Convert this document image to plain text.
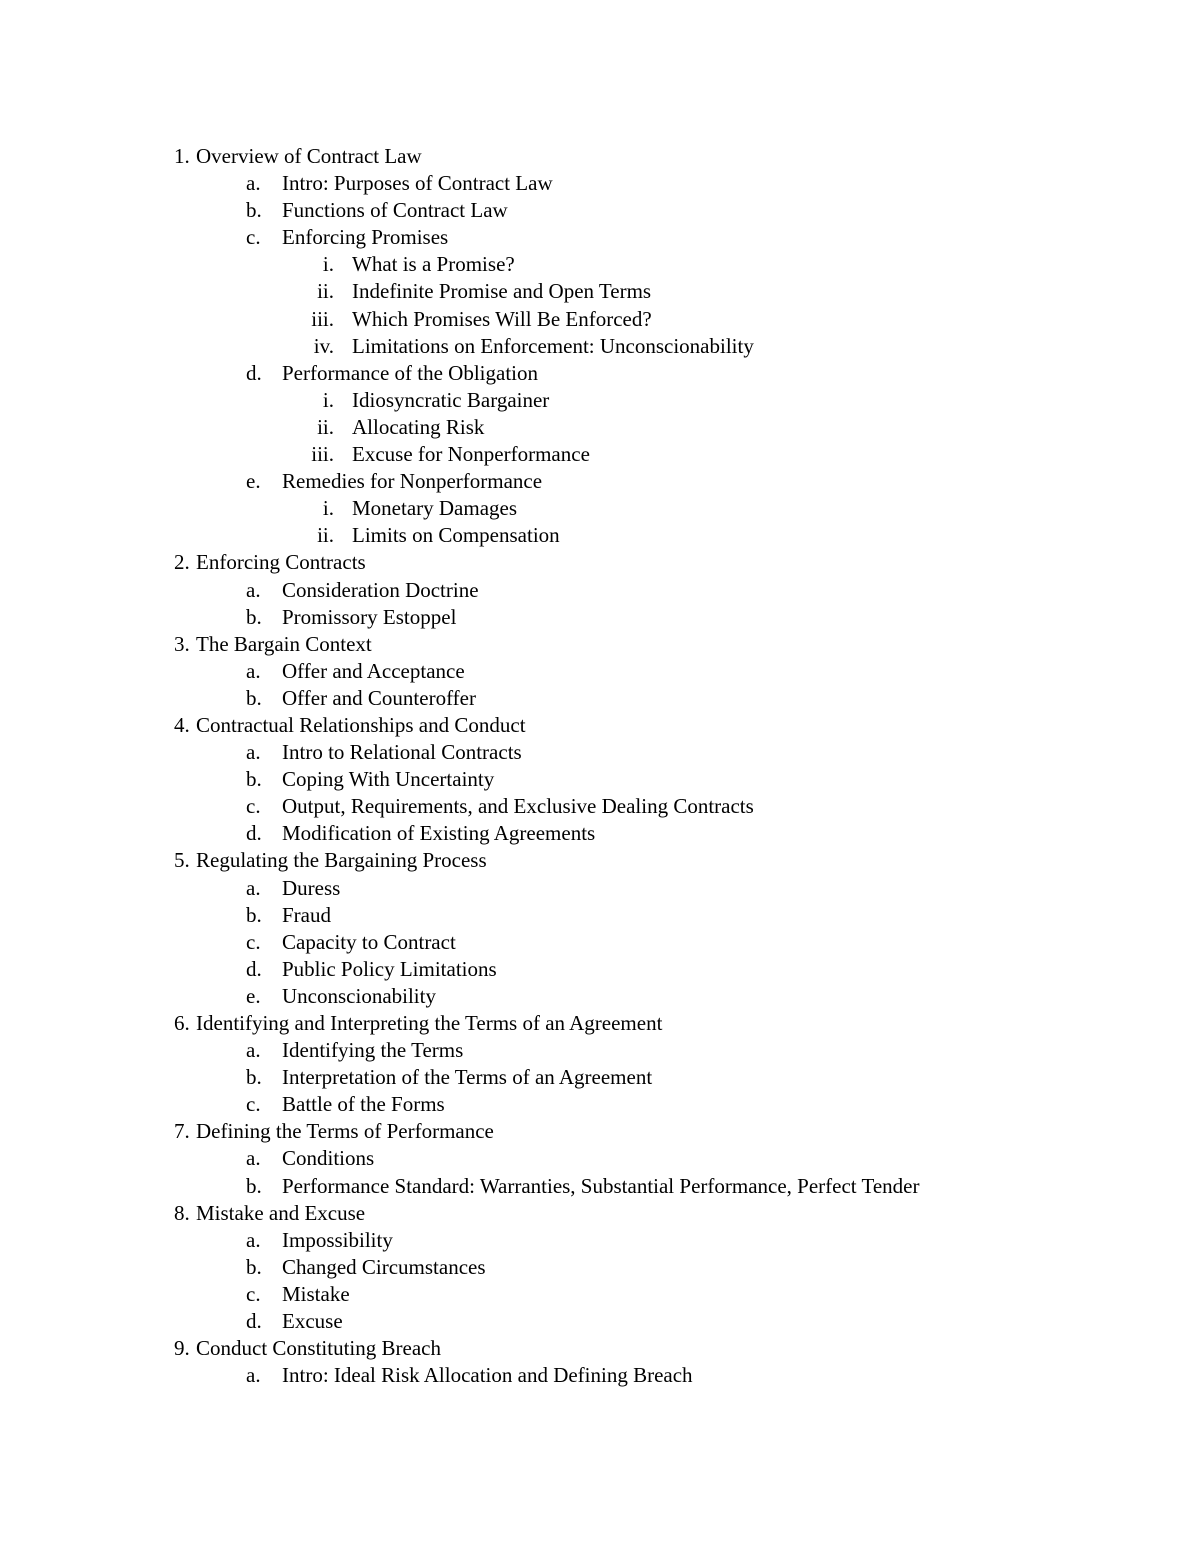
1. Overview of Contract Law
a. Intro: Purposes of Contract Law
b. Functions of Contract Law
c. Enforcing Promises
i. What is a Promise?
ii. Indefinite Promise and Open Terms
iii. Which Promises Will Be Enforced?
iv. Limitations on Enforcement: Unconscionability
d. Performance of the Obligation
i. Idiosyncratic Bargainer
ii. Allocating Risk
iii. Excuse for Nonperformance
e. Remedies for Nonperformance
i. Monetary Damages
ii. Limits on Compensation
2. Enforcing Contracts
a. Consideration Doctrine
b. Promissory Estoppel
3. The Bargain Context
a. Offer and Acceptance
b. Offer and Counteroffer
4. Contractual Relationships and Conduct
a. Intro to Relational Contracts
b. Coping With Uncertainty
c. Output, Requirements, and Exclusive Dealing Contracts
d. Modification of Existing Agreements
5. Regulating the Bargaining Process
a. Duress
b. Fraud
c. Capacity to Contract
d. Public Policy Limitations
e. Unconscionability
6. Identifying and Interpreting the Terms of an Agreement
a. Identifying the Terms
b. Interpretation of the Terms of an Agreement
c. Battle of the Forms
7. Defining the Terms of Performance
a. Conditions
b. Performance Standard: Warranties, Substantial Performance, Perfect Tender
8. Mistake and Excuse
a. Impossibility
b. Changed Circumstances
c. Mistake
d. Excuse
9. Conduct Constituting Breach
a. Intro: Ideal Risk Allocation and Defining Breach
